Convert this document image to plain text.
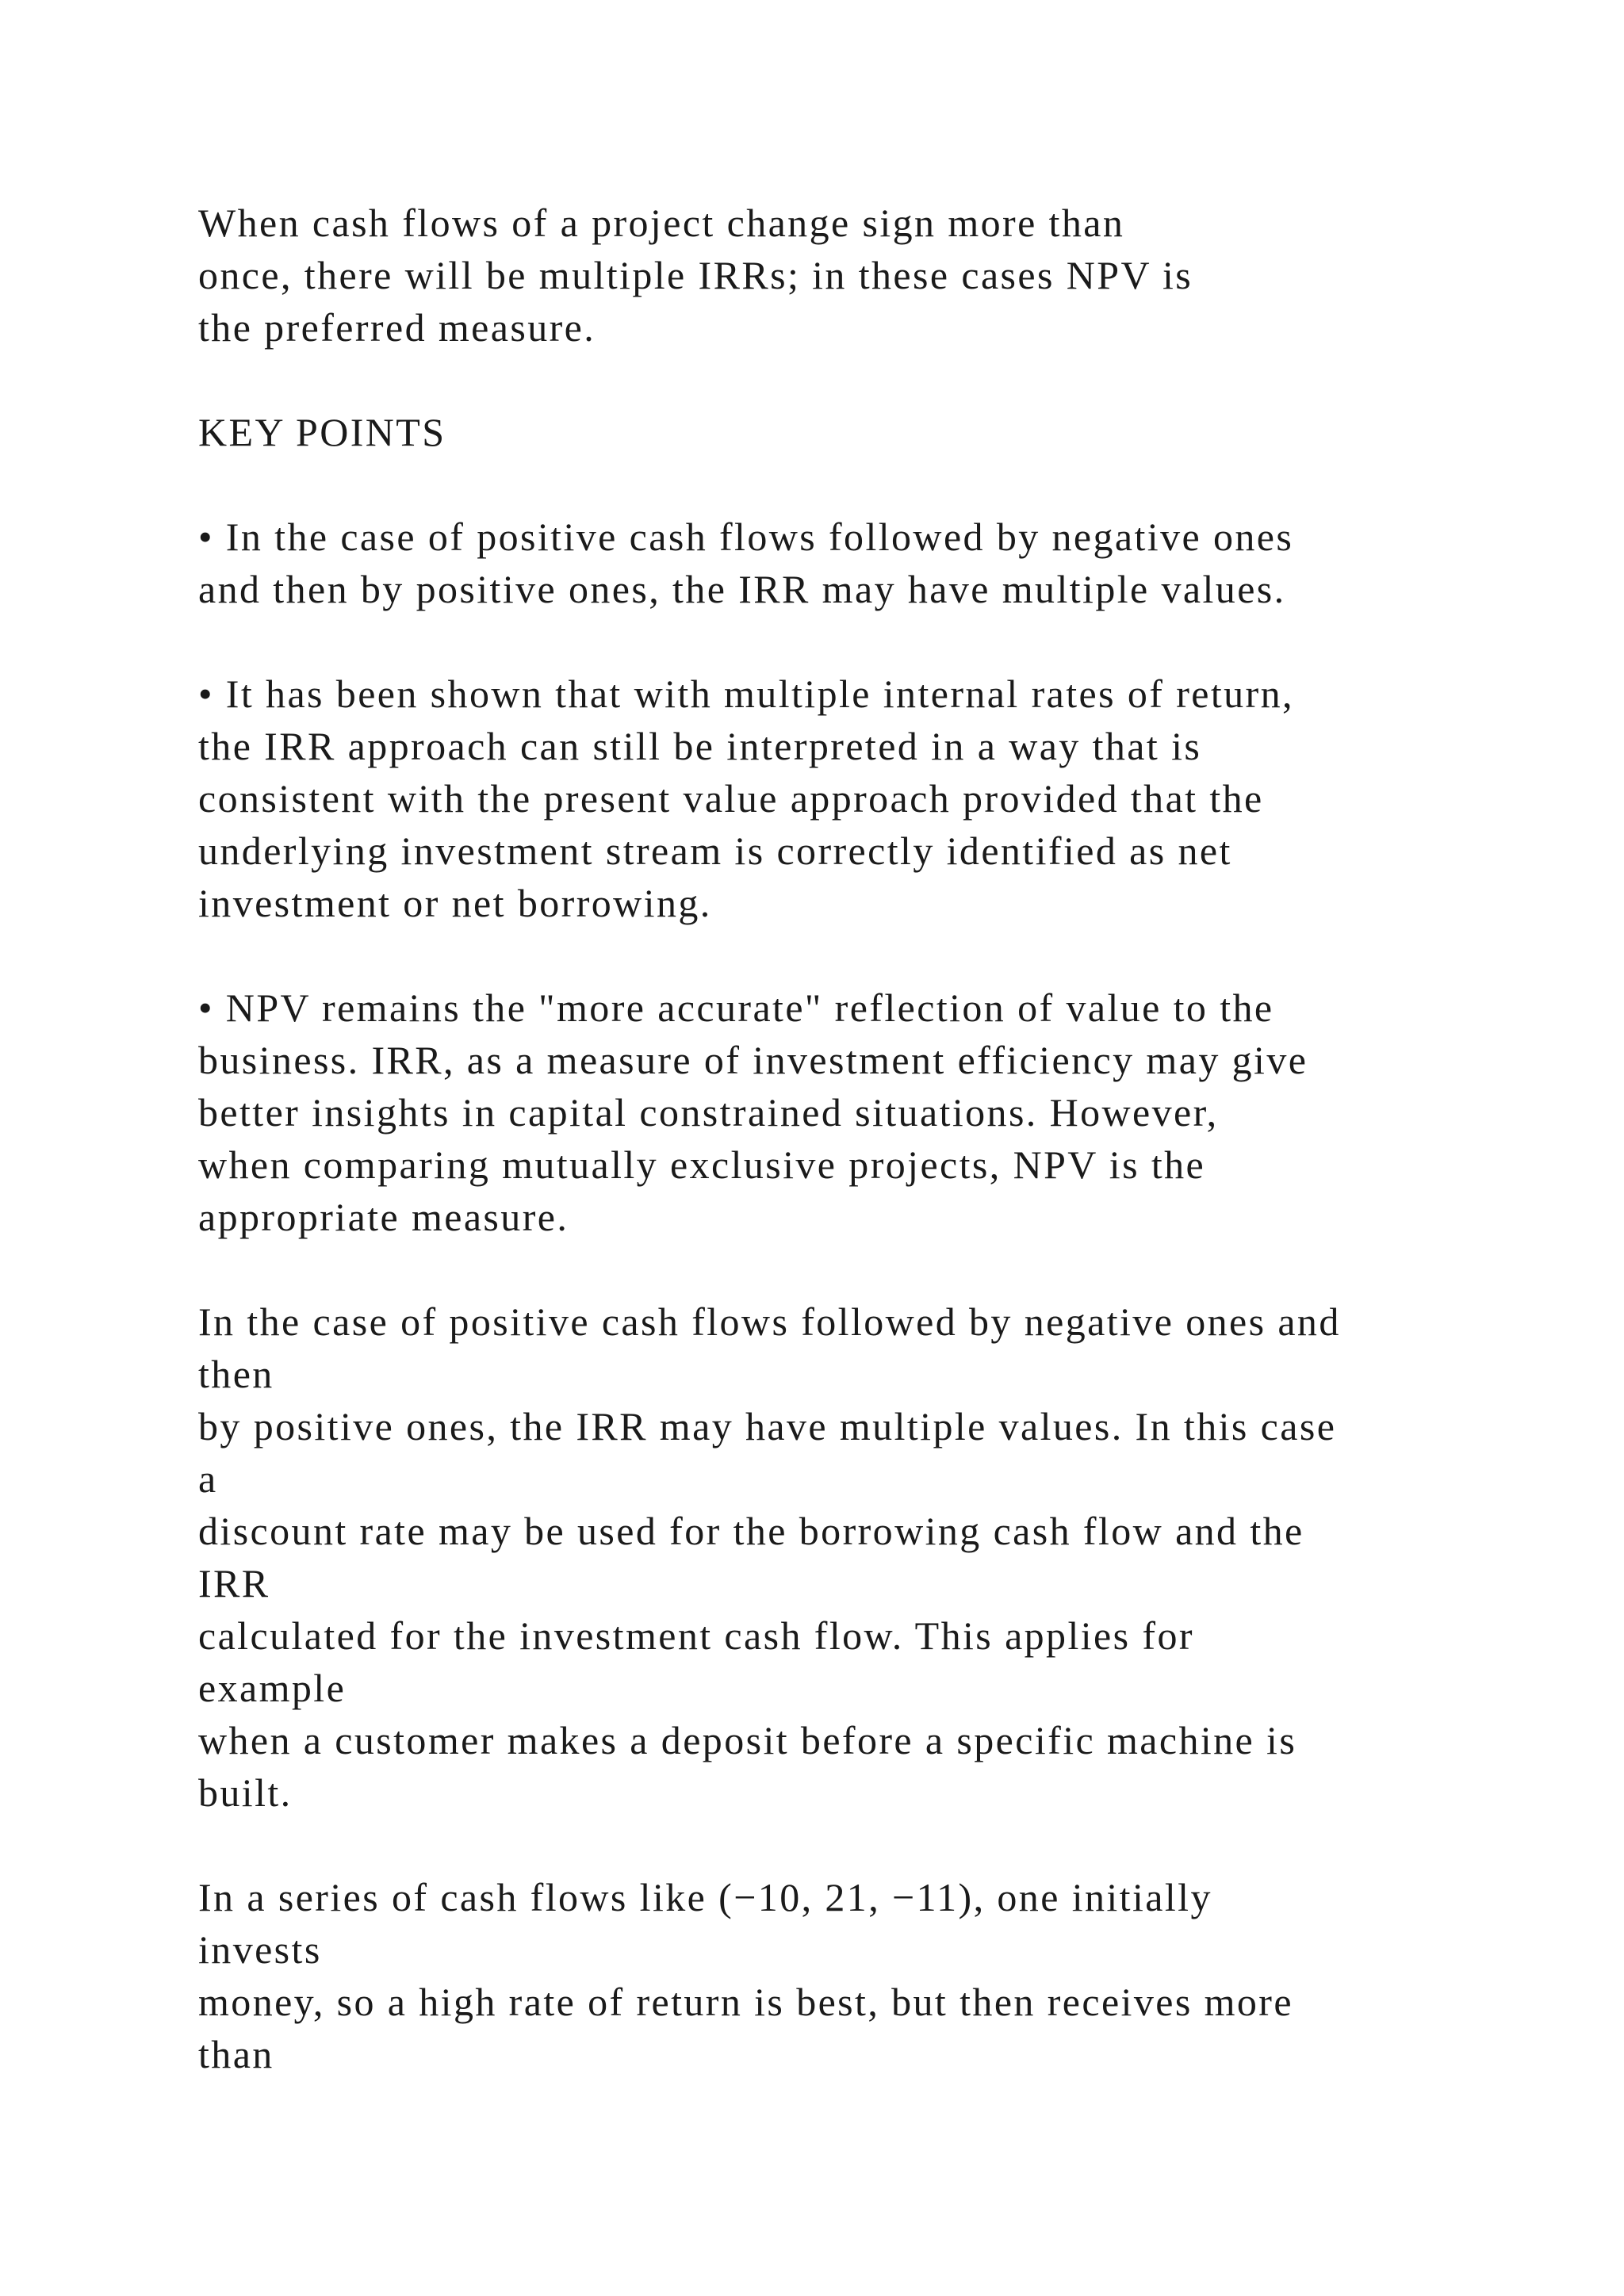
When cash flows of a project change sign more than

once, there will be multiple IRRs; in these cases NPV is

the preferred measure.

KEY POINTS

• In the case of positive cash flows followed by negative ones

and then by positive ones, the IRR may have multiple values.

• It has been shown that with multiple internal rates of return,

the IRR approach can still be interpreted in a way that is

consistent with the present value approach provided that the

underlying investment stream is correctly identified as net

investment or net borrowing.

• NPV remains the "more accurate" reflection of value to the

business. IRR, as a measure of investment efficiency may give

better insights in capital constrained situations. However,

when comparing mutually exclusive projects, NPV is the

appropriate measure.

In the case of positive cash flows followed by negative ones and

then

by positive ones, the IRR may have multiple values. In this case

a

discount rate may be used for the borrowing cash flow and the

IRR

calculated for the investment cash flow. This applies for

example

when a customer makes a deposit before a specific machine is

built.

In a series of cash flows like (−10, 21, −11), one initially

invests

money, so a high rate of return is best, but then receives more

than
